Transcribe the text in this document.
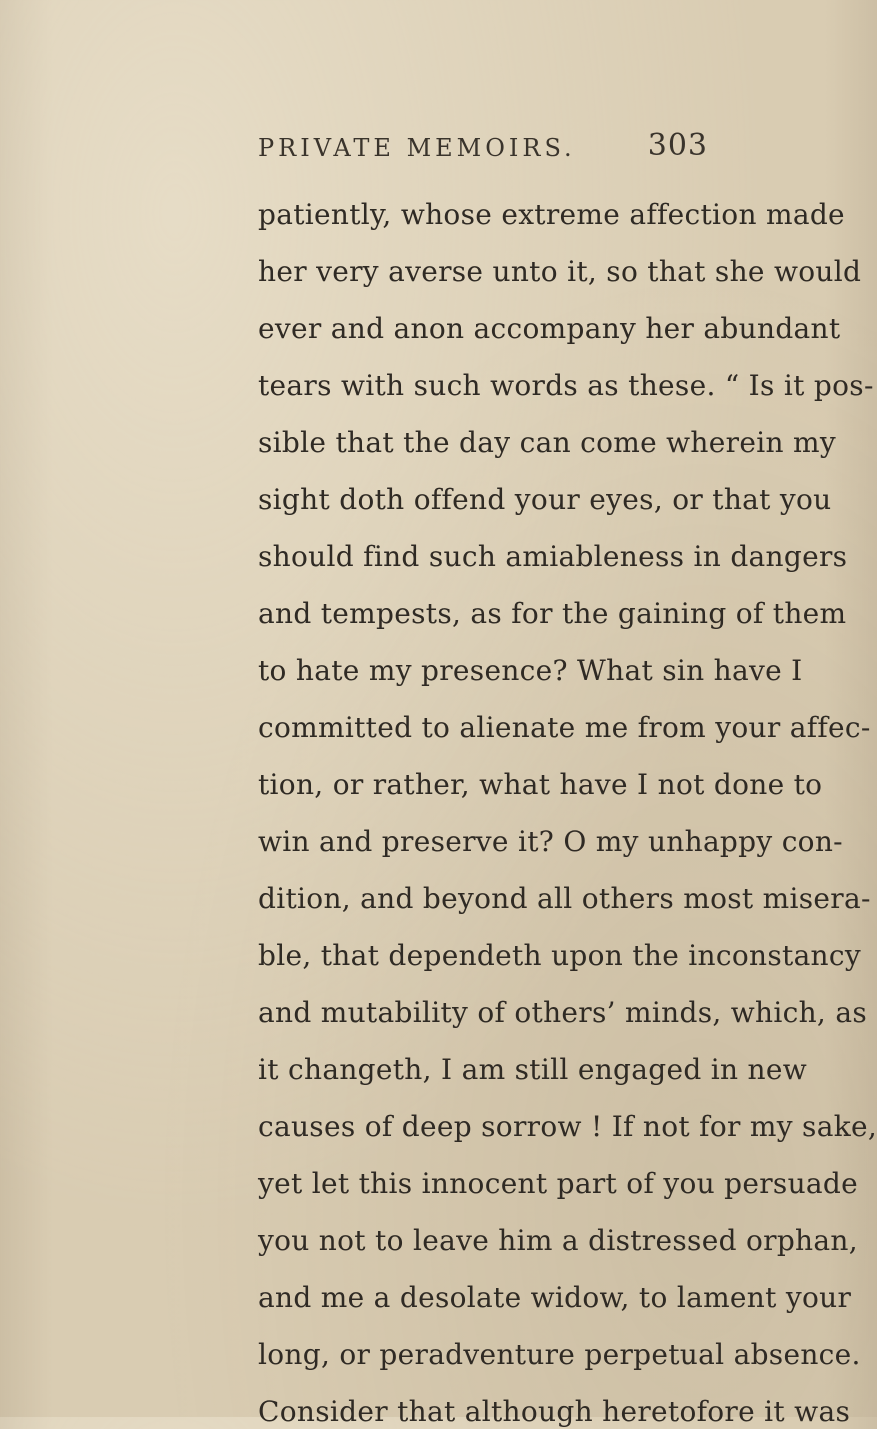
PRIVATE MEMOIRS. 303
patiently, whose extreme affection made
her very averse unto it, so that she would
ever and anon accompany her abundant
tears with such words as these. “ Is it pos-
sible that the day can come wherein my
sight doth offend your eyes, or that you
should find such amiableness in dangers
and tempests, as for the gaining of them
to hate my presence? What sin have I
committed to alienate me from your affec-
tion, or rather, what have I not done to
win and preserve it? O my unhappy con-
dition, and beyond all others most misera-
ble, that dependeth upon the inconstancy
and mutability of others’ minds, which, as
it changeth, I am still engaged in new
causes of deep sorrow ! If not for my sake,
yet let this innocent part of you persuade
you not to leave him a distressed orphan,
and me a desolate widow, to lament your
long, or peradventure perpetual absence.
Consider that although heretofore it was
